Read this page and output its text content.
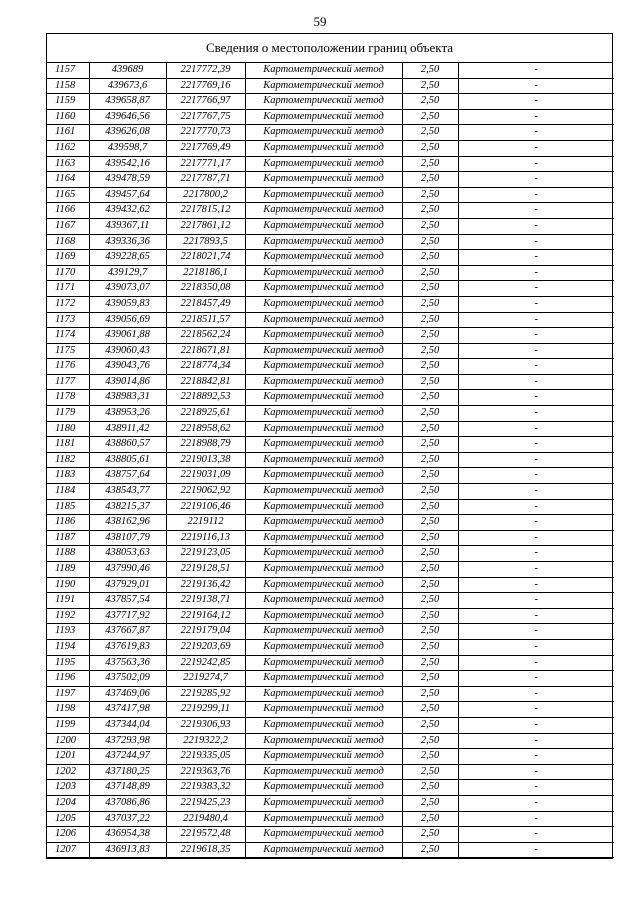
59
Сведения о местоположении границ объекта
1157	439689	2217772,39	Картометрический метод	2,50	-
1158	439673,6	2217769,16	Картометрический метод	2,50	-
1159	439658,87	2217766,97	Картометрический метод	2,50	-
1160	439646,56	2217767,75	Картометрический метод	2,50	-
1161	439626,08	2217770,73	Картометрический метод	2,50	-
1162	439598,7	2217769,49	Картометрический метод	2,50	-
1163	439542,16	2217771,17	Картометрический метод	2,50	-
1164	439478,59	2217787,71	Картометрический метод	2,50	-
1165	439457,64	2217800,2	Картометрический метод	2,50	-
1166	439432,62	2217815,12	Картометрический метод	2,50	-
1167	439367,11	2217861,12	Картометрический метод	2,50	-
1168	439336,36	2217893,5	Картометрический метод	2,50	-
1169	439228,65	2218021,74	Картометрический метод	2,50	-
1170	439129,7	2218186,1	Картометрический метод	2,50	-
1171	439073,07	2218350,08	Картометрический метод	2,50	-
1172	439059,83	2218457,49	Картометрический метод	2,50	-
1173	439056,69	2218511,57	Картометрический метод	2,50	-
1174	439061,88	2218562,24	Картометрический метод	2,50	-
1175	439060,43	2218671,81	Картометрический метод	2,50	-
1176	439043,76	2218774,34	Картометрический метод	2,50	-
1177	439014,86	2218842,81	Картометрический метод	2,50	-
1178	438983,31	2218892,53	Картометрический метод	2,50	-
1179	438953,26	2218925,61	Картометрический метод	2,50	-
1180	438911,42	2218958,62	Картометрический метод	2,50	-
1181	438860,57	2218988,79	Картометрический метод	2,50	-
1182	438805,61	2219013,38	Картометрический метод	2,50	-
1183	438757,64	2219031,09	Картометрический метод	2,50	-
1184	438543,77	2219062,92	Картометрический метод	2,50	-
1185	438215,37	2219106,46	Картометрический метод	2,50	-
1186	438162,96	2219112	Картометрический метод	2,50	-
1187	438107,79	2219116,13	Картометрический метод	2,50	-
1188	438053,63	2219123,05	Картометрический метод	2,50	-
1189	437990,46	2219128,51	Картометрический метод	2,50	-
1190	437929,01	2219136,42	Картометрический метод	2,50	-
1191	437857,54	2219138,71	Картометрический метод	2,50	-
1192	437717,92	2219164,12	Картометрический метод	2,50	-
1193	437667,87	2219179,04	Картометрический метод	2,50	-
1194	437619,83	2219203,69	Картометрический метод	2,50	-
1195	437563,36	2219242,85	Картометрический метод	2,50	-
1196	437502,09	2219274,7	Картометрический метод	2,50	-
1197	437469,06	2219285,92	Картометрический метод	2,50	-
1198	437417,98	2219299,11	Картометрический метод	2,50	-
1199	437344,04	2219306,93	Картометрический метод	2,50	-
1200	437293,98	2219322,2	Картометрический метод	2,50	-
1201	437244,97	2219335,05	Картометрический метод	2,50	-
1202	437180,25	2219363,76	Картометрический метод	2,50	-
1203	437148,89	2219383,32	Картометрический метод	2,50	-
1204	437086,86	2219425,23	Картометрический метод	2,50	-
1205	437037,22	2219480,4	Картометрический метод	2,50	-
1206	436954,38	2219572,48	Картометрический метод	2,50	-
1207	436913,83	2219618,35	Картометрический метод	2,50	-
